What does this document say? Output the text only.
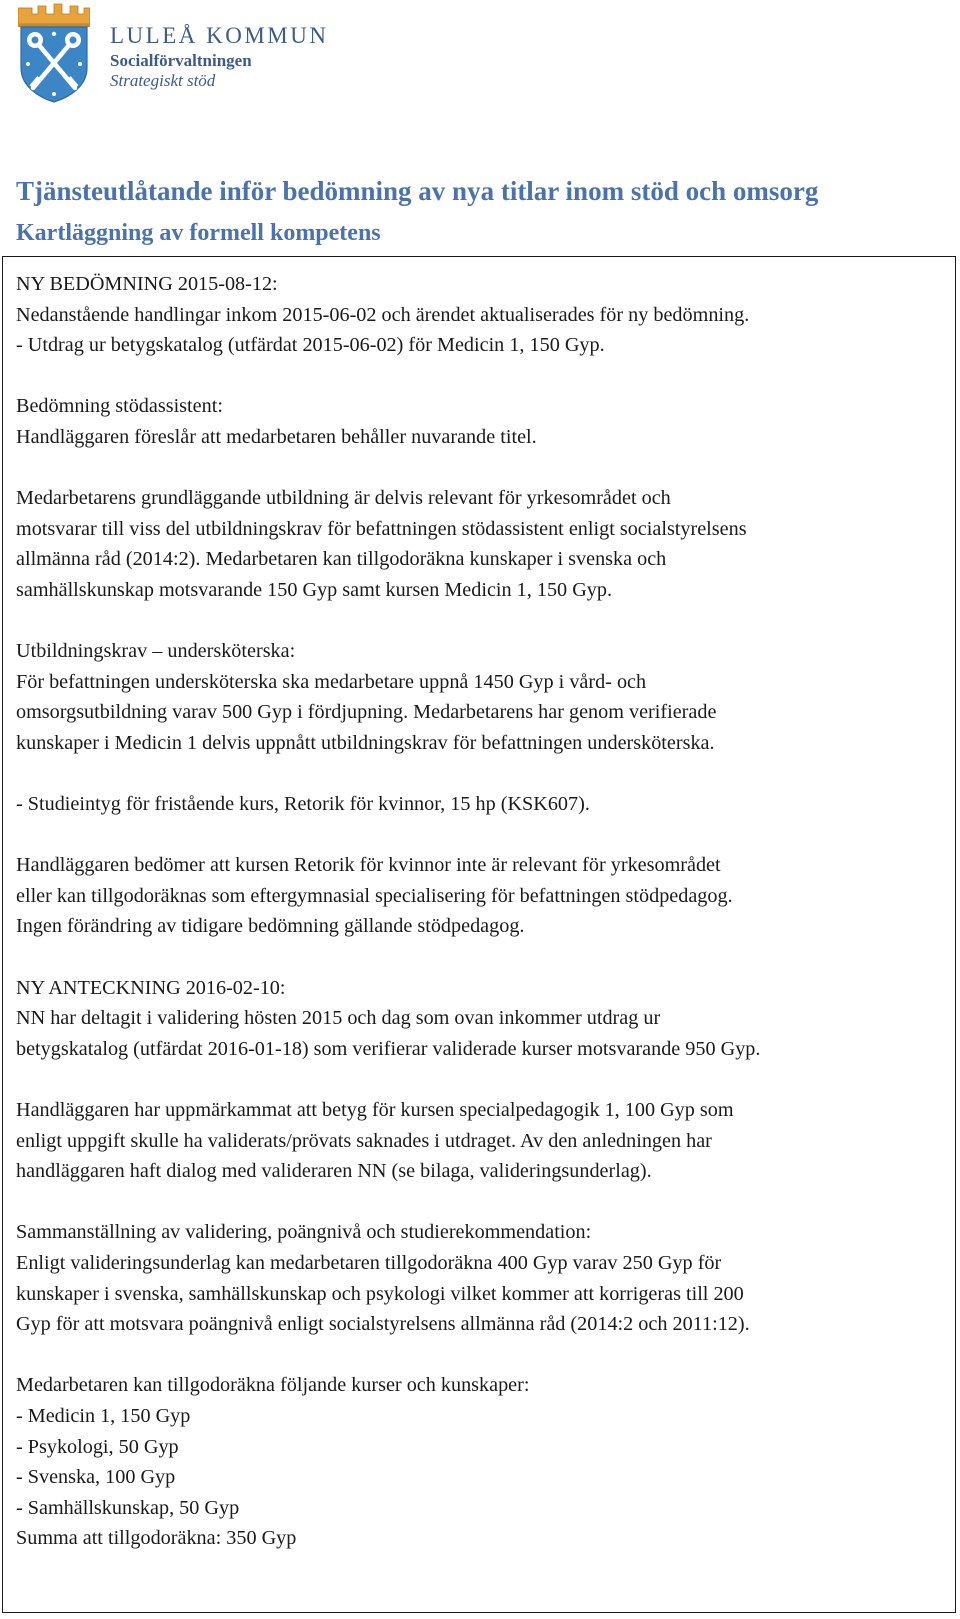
LULEÅ KOMMUN
Socialförvaltningen
Strategiskt stöd
Tjänsteutlåtande inför bedömning av nya titlar inom stöd och omsorg
Kartläggning av formell kompetens
NY BEDÖMNING 2015-08-12:
Nedanstående handlingar inkom 2015-06-02 och ärendet aktualiserades för ny bedömning.
- Utdrag ur betygskatalog (utfärdat 2015-06-02) för Medicin 1, 150 Gyp.
Bedömning stödassistent:
Handläggaren föreslår att medarbetaren behåller nuvarande titel.
Medarbetarens grundläggande utbildning är delvis relevant för yrkesområdet och
motsvarar till viss del utbildningskrav för befattningen stödassistent enligt socialstyrelsens
allmänna råd (2014:2). Medarbetaren kan tillgodoräkna kunskaper i svenska och
samhällskunskap motsvarande 150 Gyp samt kursen Medicin 1, 150 Gyp.
Utbildningskrav – undersköterska:
För befattningen undersköterska ska medarbetare uppnå 1450 Gyp i vård- och
omsorgsutbildning varav 500 Gyp i fördjupning. Medarbetarens har genom verifierade
kunskaper i Medicin 1 delvis uppnått utbildningskrav för befattningen undersköterska.
- Studieintyg för fristående kurs, Retorik för kvinnor, 15 hp (KSK607).
Handläggaren bedömer att kursen Retorik för kvinnor inte är relevant för yrkesområdet
eller kan tillgodoräknas som eftergymnasial specialisering för befattningen stödpedagog.
Ingen förändring av tidigare bedömning gällande stödpedagog.
NY ANTECKNING 2016-02-10:
NN har deltagit i validering hösten 2015 och dag som ovan inkommer utdrag ur
betygskatalog (utfärdat 2016-01-18) som verifierar validerade kurser motsvarande 950 Gyp.
Handläggaren har uppmärkammat att betyg för kursen specialpedagogik 1, 100 Gyp som
enligt uppgift skulle ha validerats/prövats saknades i utdraget. Av den anledningen har
handläggaren haft dialog med valideraren NN (se bilaga, valideringsunderlag).
Sammanställning av validering, poängnivå och studierekommendation:
Enligt valideringsunderlag kan medarbetaren tillgodoräkna 400 Gyp varav 250 Gyp för
kunskaper i svenska, samhällskunskap och psykologi vilket kommer att korrigeras till 200
Gyp för att motsvara poängnivå enligt socialstyrelsens allmänna råd (2014:2 och 2011:12).
Medarbetaren kan tillgodoräkna följande kurser och kunskaper:
- Medicin 1, 150 Gyp
- Psykologi, 50 Gyp
- Svenska, 100 Gyp
- Samhällskunskap, 50 Gyp
Summa att tillgodoräkna: 350 Gyp
